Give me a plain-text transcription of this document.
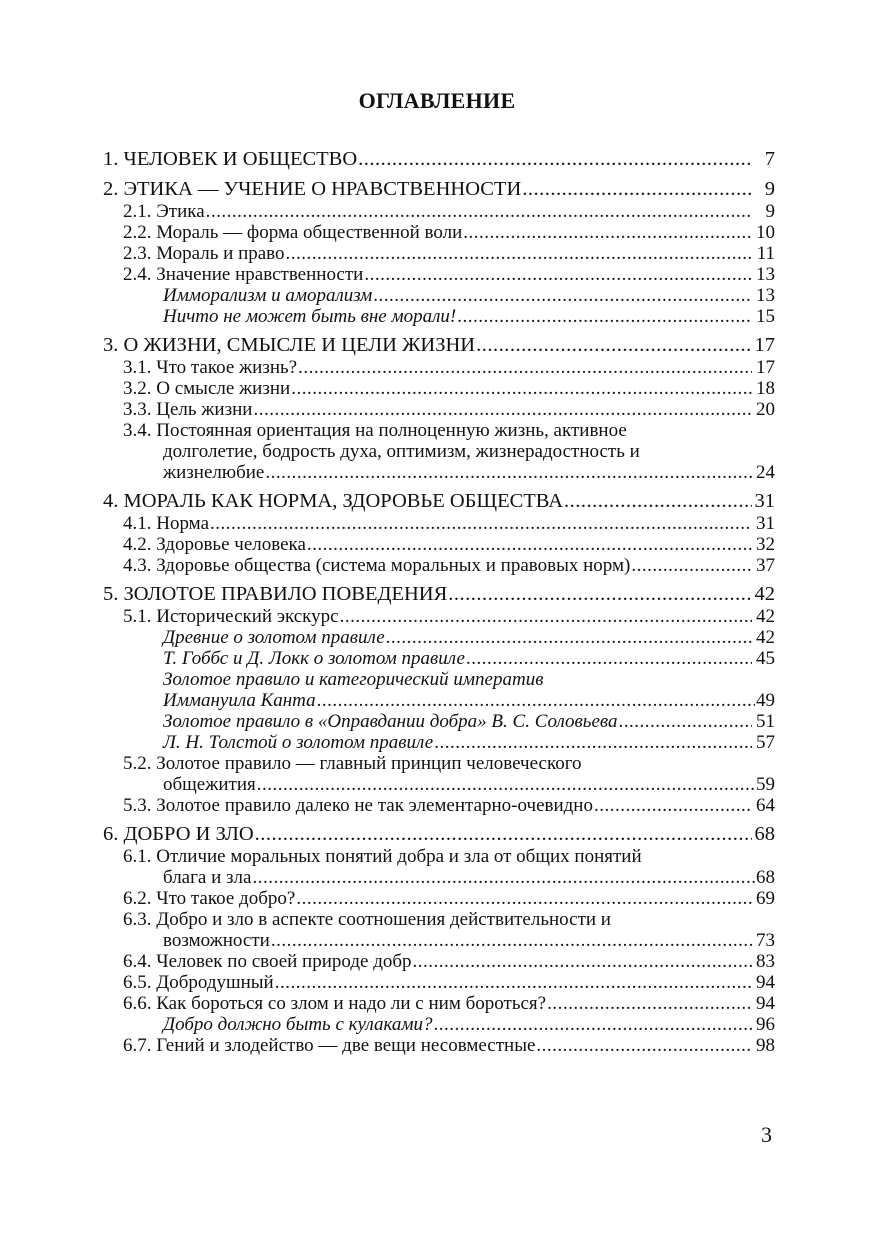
ОГЛАВЛЕНИЕ
1. ЧЕЛОВЕК И ОБЩЕСТВО .....	7
2. ЭТИКА — УЧЕНИЕ О НРАВСТВЕННОСТИ .....	9
2.1. Этика .....	9
2.2. Мораль — форма общественной воли .....	10
2.3. Мораль и право .....	11
2.4. Значение нравственности .....	13
Имморализм и аморализм .....	13
Ничто не может быть вне морали! .....	15
3. О ЖИЗНИ, СМЫСЛЕ И ЦЕЛИ ЖИЗНИ .....	17
3.1. Что такое жизнь? .....	17
3.2. О смысле жизни .....	18
3.3. Цель жизни .....	20
3.4. Постоянная ориентация на полноценную жизнь, активное
долголетие, бодрость духа, оптимизм, жизнерадостность и
жизнелюбие .....	24
4. МОРАЛЬ КАК НОРМА, ЗДОРОВЬЕ ОБЩЕСТВА .....	31
4.1. Норма .....	31
4.2. Здоровье человека .....	32
4.3. Здоровье общества (система моральных и правовых норм) .....	37
5. ЗОЛОТОЕ ПРАВИЛО ПОВЕДЕНИЯ .....	42
5.1. Исторический экскурс .....	42
Древние о золотом правиле .....	42
Т. Гоббс и Д. Локк о золотом правиле .....	45
Золотое правило и категорический императив
Иммануила Канта .....	49
Золотое правило в «Оправдании добра» В. С. Соловьева .....	51
Л. Н. Толстой о золотом правиле .....	57
5.2. Золотое правило — главный принцип человеческого
общежития .....	59
5.3. Золотое правило далеко не так элементарно-очевидно .....	64
6. ДОБРО И ЗЛО .....	68
6.1. Отличие моральных понятий добра и зла от общих понятий
блага и зла .....	68
6.2. Что такое добро? .....	69
6.3. Добро и зло в аспекте соотношения действительности и
возможности .....	73
6.4. Человек по своей природе добр .....	83
6.5. Добродушный .....	94
6.6. Как бороться со злом и надо ли с ним бороться? .....	94
Добро должно быть с кулаками? .....	96
6.7. Гений и злодейство — две вещи несовместные .....	98
3
